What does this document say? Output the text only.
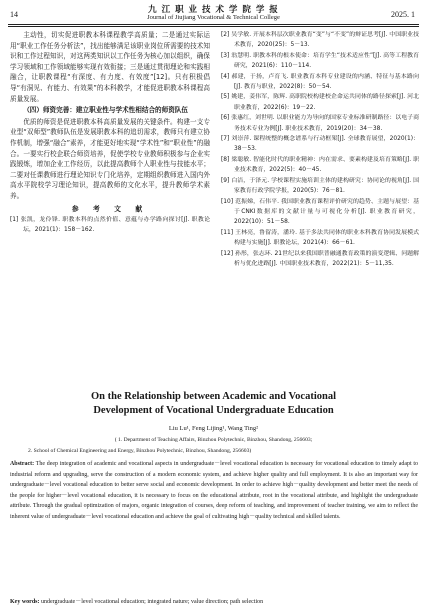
14	九 江 职 业 技 术 学 院 学 报
Journal of Jiujiang Vocational & Technical College	2025. 1

主动性，切实促进职教本科课程教学高质量；二是通过实际运用“职业工作任务分析法”，找出能够满足该职业岗位所需要的技术知识和工作过程知识，对这两类知识以工作任务为核心加以组织，确保学习领域和工作领域能够实现有效衔接；三是通过贯彻理论和实践相融合，让职教课程“有深度、有力度、有效度”[12]。只有积极倡导“有洞见、有能力、有效果”的本科教学，才能促进职教本科课程高质量发展。

（四）师资完善：建立职业性与学术性相结合的师资队伍

优质的师资是促进职教本科高质量发展的关键条件。构建一支专业型“双师型”教师队伍是发展职教本科的追切需求，教师只有建立协作机制，增强“融合”素养，才能更好地实现“学术性”和“职业性”的融合。一要实行校企联合师资培养，促使学校专业教师积极参与企业实践锻炼，增加企业工作经历，以此提高教师个人职业性与技能水平；二要对任课教师进行理论知识专门化培养，定期组织教师进入国内外高水平院校学习理论知识，提高教师的文化水平，提升教师学术素养。

参 考 文 献

[1] 张凯，龙伶锋. 职教本科的点然价值、意蕴与办学路向探讨[J]. 职教论坛，2021(1)：158－162.

[2] 吴学敏. 开展本科层次职业教育“变”与“不变”的辩证思考[J]. 中国职业技术教育，2020(25)：5－13.

[3] 翁慧明. 职教本科的根本使命：培育学生“技术适应性”[J]. 高等工程教育研究，2021(6)：110－114.

[4] 郝建，于扬，卢育飞. 职业教育本科专业建设的内涵、特征与基本路向[J]. 教育与职业，2022(8)：50－54.

[5] 姚建，姜伟军，陈辉. 高职院校构建校企命运共同体的路径探索[J]. 河北职业教育，2022(6)：19－22.

[6] 张惠红，刘世明. 以职业能力为导向的国家专业标准研制路径：以电子商务技术专业为例[J]. 职业技术教育，2019(20)：34－38.

[7] 刘崇萍. 课程统整的概念谱系与行动框架[J]. 全球教育展望，2020(1)：38－53.

[8] 梁聪敏. 智能化时代的职业精神：内在需求、要素构建及培育策略[J]. 职业技术教育，2022(5)：40－45.

[9] 白洁，于泽元. 学校课程实施培训主体的建构研究：协同论的视角[J]. 国家教育行政学院学报，2020(5)：76－81.

[10] 范振娣，石伟平. 我国职业教育课程评价研究的趋势、主题与展望：基于CNKI数据库的文献计量与可视化分析[J]. 职业教育研究，2022(10)：51－58.

[11] 王林亮，鲁留涛，潘玲. 基于多法共同体的职业本科教育协同发展模式构建与实施[J]. 职教论坛，2021(4)：66－61.

[12] 孙彤，张志环. 21世纪以来我国职普融通教育政策的演变逻辑、问题解析与优化进路[J]. 中国职业技术教育，2022(21)：5－11,35.

On the Relationship between Academic and Vocational
Development of Vocational Undergraduate Education
Liu Lu¹, Feng Lijing¹, Wang Ting²
( 1. Department of Teaching Affairs, Binzhou Polytechnic, Binzhou, Shandong, 256603;
2. School of Chemical Engineering and Energy, Binzhou Polytechnic, Binzhou, Shandong, 256603)

Abstract: The deep integration of academic and vocational aspects in undergraduate－level vocational education is necessary for vocational education to timely adapt to industrial reform and upgrading, serve the construction of a modern economic system, and achieve higher quality and full employment. It is also an important way for undergraduate－level vocational education to better serve social and economic development. In order to achieve high－quality development and better meet the needs of the people for higher－level vocational education, it is necessary to focus on the educational attribute, root in the vocational attribute, and highlight the undergraduate attribute. Through the gradual optimization of majors, organic integration of courses, deep reform of teaching, and improvement of teacher training, we aim to reflect the inherent value of undergraduate－level vocational education and achieve the goal of cultivating high－quality technical and skilled talents.

Key words: undergraduate－level vocational education; integrated nature; value direction; path selection
